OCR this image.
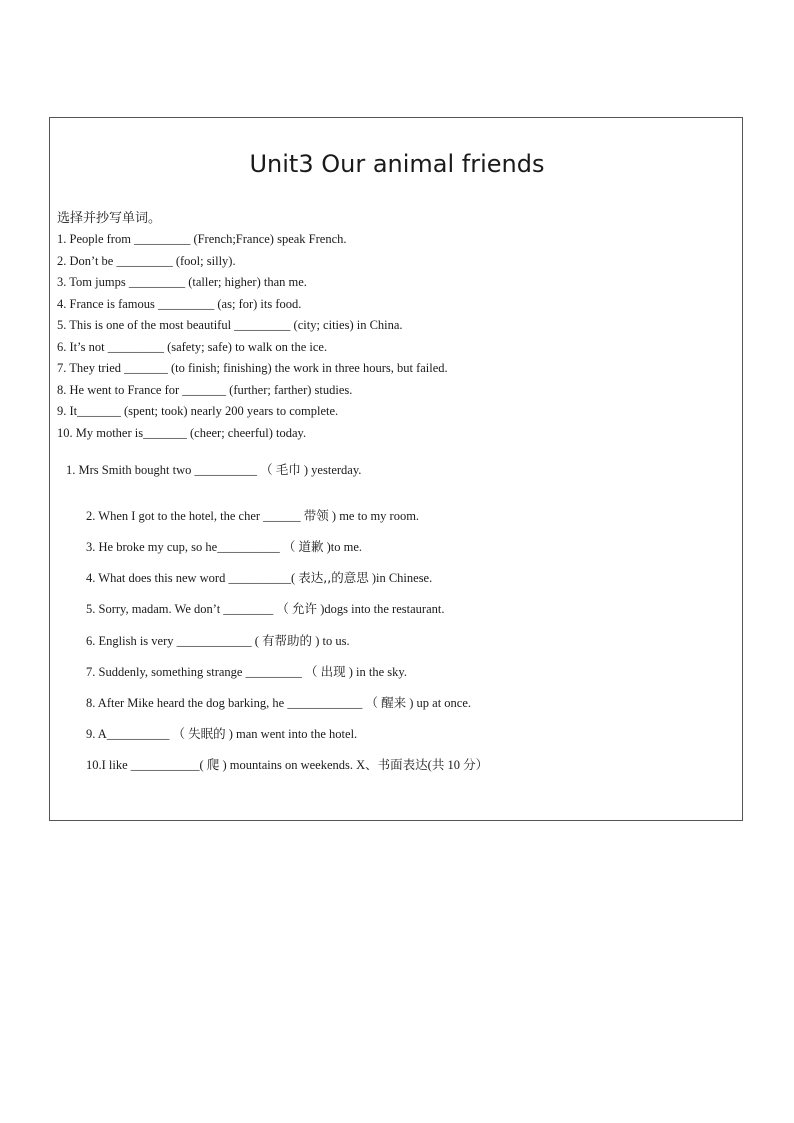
Unit3 Our animal friends
选择并抄写单词。
1. People from _________ (French;France) speak French.
2. Don’t be _________ (fool; silly).
3. Tom jumps _________ (taller; higher) than me.
4. France is famous _________ (as; for) its food.
5. This is one of the most beautiful _________ (city; cities) in China.
6. It’s not _________ (safety; safe) to walk on the ice.
7. They tried _______ (to finish; finishing) the work in three hours, but failed.
8. He went to France for _______ (further; farther) studies.
9. It_______ (spent; took) nearly 200 years to complete.
10. My mother is_______ (cheer; cheerful) today.
1. Mrs Smith bought two __________ （ 毛巾 ) yesterday.
2. When I got to the hotel, the cher ______ 带领 ) me to my room.
3. He broke my cup, so he__________ （ 道歉 )to me.
4. What does this new word __________( 表达,,的意思 )in Chinese.
5. Sorry, madam. We don’t ________ （ 允许 )dogs into the restaurant.
6. English is very ____________ ( 有帮助的 ) to us.
7. Suddenly, something strange _________ （ 出现 ) in the sky.
8. After Mike heard the dog barking, he ____________ （ 醒来 ) up at once.
9. A__________ （ 失眠的 ) man went into the hotel.
10.I like ___________( 爬 ) mountains on weekends. X、书面表达(共 10 分）
